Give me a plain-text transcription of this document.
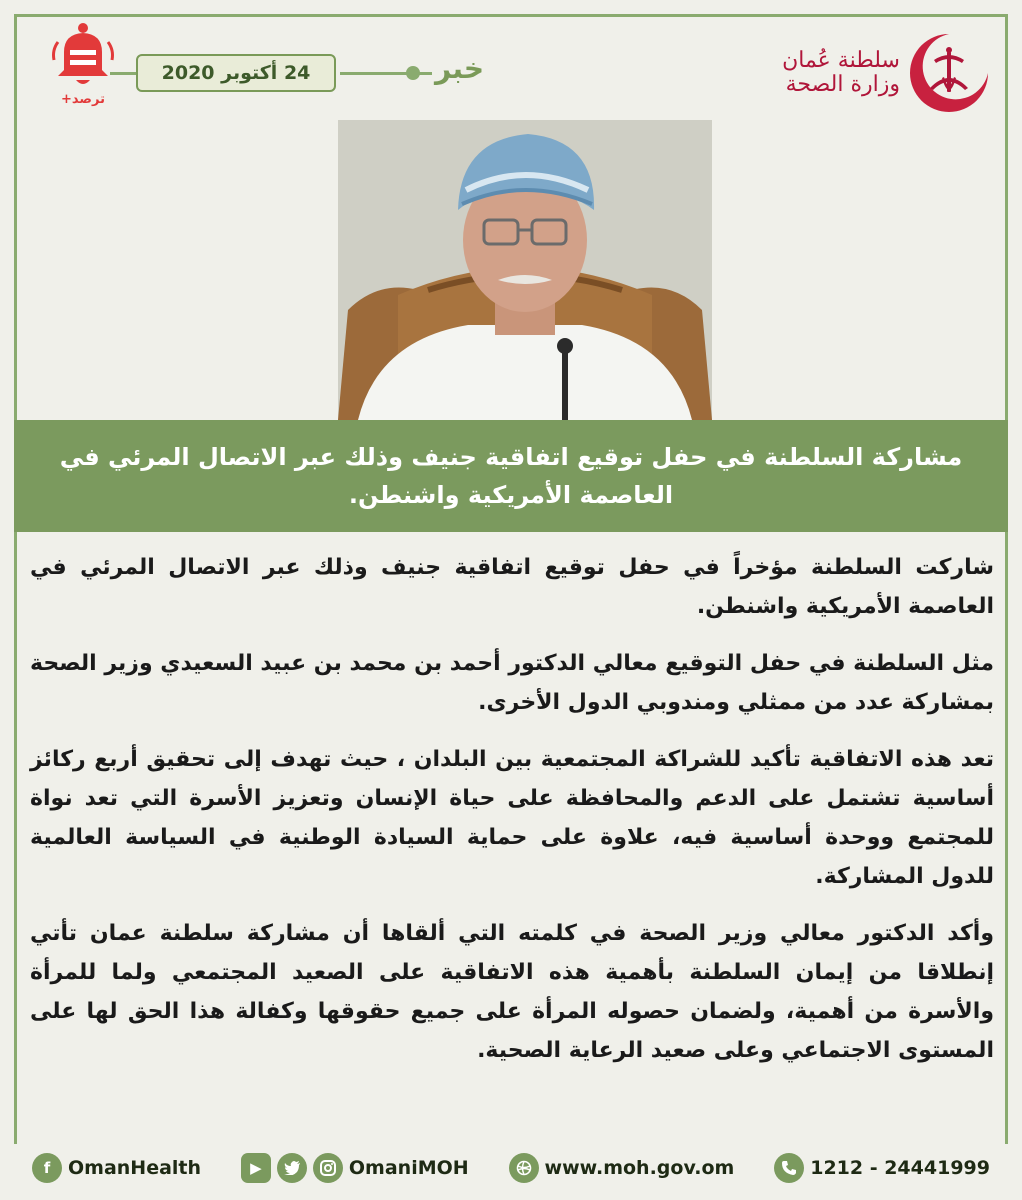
سلطنة عُمان
وزارة الصحة
خبر
24 أكتوبر 2020
ترصد+
مشاركة السلطنة في حفل توقيع اتفاقية جنيف وذلك عبر الاتصال المرئي في
العاصمة الأمريكية واشنطن.

شاركت السلطنة مؤخراً في حفل توقيع اتفاقية جنيف وذلك عبر الاتصال المرئي في العاصمة الأمريكية واشنطن.

مثل السلطنة في حفل التوقيع معالي الدكتور أحمد بن محمد بن عبيد السعيدي وزير الصحة بمشاركة عدد من ممثلي ومندوبي الدول الأخرى.

تعد هذه الاتفاقية تأكيد للشراكة المجتمعية بين البلدان ، حيث تهدف إلى تحقيق أربع ركائز أساسية تشتمل على الدعم والمحافظة على حياة الإنسان وتعزيز الأسرة التي تعد نواة للمجتمع ووحدة أساسية فيه، علاوة على حماية السيادة الوطنية في السياسة العالمية للدول المشاركة.

وأكد الدكتور معالي وزير الصحة في كلمته التي ألقاها أن مشاركة سلطنة عمان تأتي إنطلاقا من إيمان السلطنة بأهمية هذه الاتفاقية على الصعيد المجتمعي ولما للمرأة والأسرة من أهمية، ولضمان حصوله المرأة على جميع حقوقها وكفالة هذا الحق لها على المستوى الاجتماعي وعلى صعيد الرعاية الصحية.

f OmanHealth	▶	OmaniMOH	www.moh.gov.om	1212 - 24441999
